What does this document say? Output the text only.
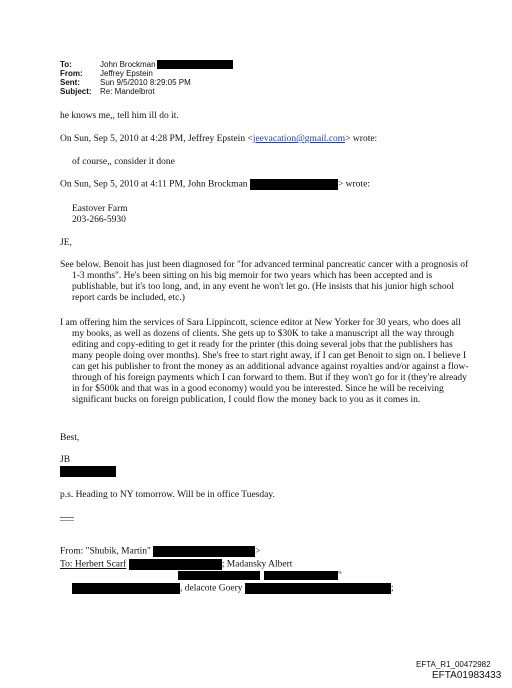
To:	John Brockman
From:	Jeffrey Epstein
Sent:	Sun 9/5/2010 8:29:05 PM
Subject:	Re: Mandelbrot
he knows me,, tell him ill do it.
On Sun, Sep 5, 2010 at 4:28 PM, Jeffrey Epstein <jeevacation@gmail.com> wrote:
of course,, consider it done
On Sun, Sep 5, 2010 at 4:11 PM, John Brockman	> wrote:
Eastover Farm
203-266-5930
JE,
See below. Benoit has just been diagnosed for "for advanced terminal pancreatic cancer with a prognosis of 1-3 months". He's been sitting on his big memoir for two years which has been accepted and is publishable, but it's too long, and, in any event he won't let go. (He insists that his junior high school report cards be included, etc.)
I am offering him the services of Sara Lippincott, science editor at New Yorker for 30 years, who does all my books, as well as dozens of clients. She gets up to $30K to take a manuscript all the way through editing and copy-editing to get it ready for the printer (this doing several jobs that the publishers has many people doing over months). She's free to start right away, if I can get Benoit to sign on. I believe I can get his publisher to front the money as an additional advance against royalties and/or against a flow-through of his foreign payments which I can forward to them. But if they won't go for it (they're already in for $500k and that was in a good economy) would you be interested. Since he will be receiving significant bucks on foreign publication, I could flow the money back to you as it comes in.
Best,
JB
p.s. Heading to NY tomorrow. Will be in office Tuesday.
From: "Shubik, Martin"	>
To: Herbert Scarf	; Madansky Albert
"
, delacote Goery	;
EFTA_R1_00472982
EFTA01983433
